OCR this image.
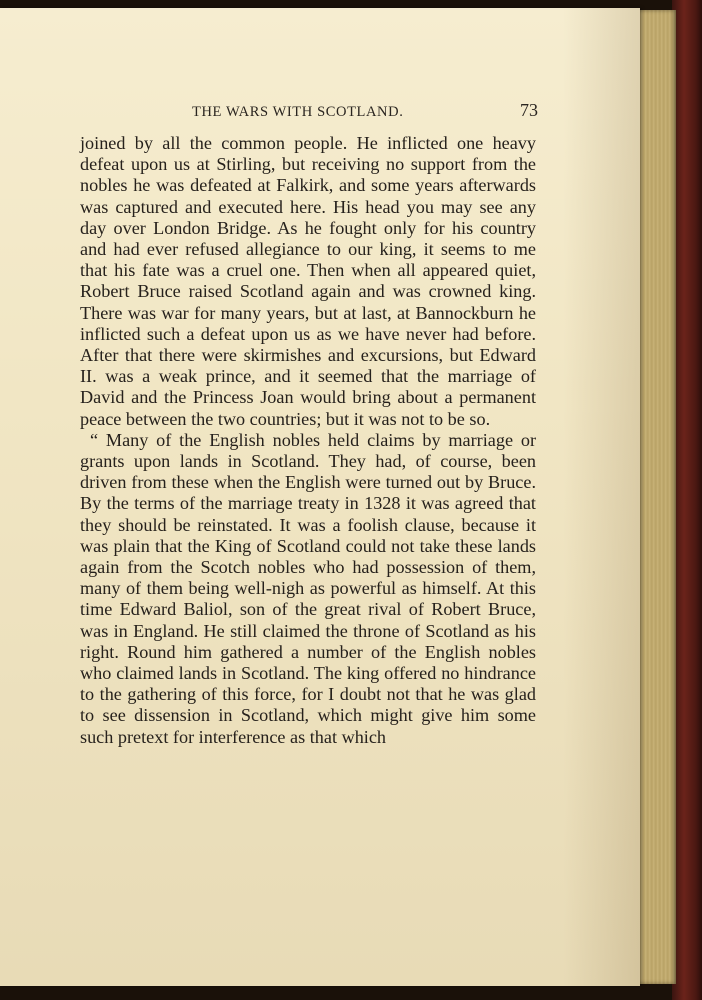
THE WARS WITH SCOTLAND.	73

joined by all the common people. He inflicted one heavy defeat upon us at Stirling, but receiving no support from the nobles he was defeated at Falkirk, and some years afterwards was captured and executed here. His head you may see any day over London Bridge. As he fought only for his country and had ever refused allegiance to our king, it seems to me that his fate was a cruel one. Then when all appeared quiet, Robert Bruce raised Scotland again and was crowned king. There was war for many years, but at last, at Bannockburn he inflicted such a defeat upon us as we have never had before. After that there were skirmishes and excursions, but Edward II. was a weak prince, and it seemed that the marriage of David and the Princess Joan would bring about a permanent peace between the two countries; but it was not to be so.

“ Many of the English nobles held claims by marriage or grants upon lands in Scotland. They had, of course, been driven from these when the English were turned out by Bruce. By the terms of the marriage treaty in 1328 it was agreed that they should be reinstated. It was a foolish clause, because it was plain that the King of Scotland could not take these lands again from the Scotch nobles who had possession of them, many of them being well-nigh as powerful as himself. At this time Edward Baliol, son of the great rival of Robert Bruce, was in England. He still claimed the throne of Scotland as his right. Round him gathered a number of the English nobles who claimed lands in Scotland. The king offered no hindrance to the gathering of this force, for I doubt not that he was glad to see dissension in Scotland, which might give him some such pretext for interference as that which
